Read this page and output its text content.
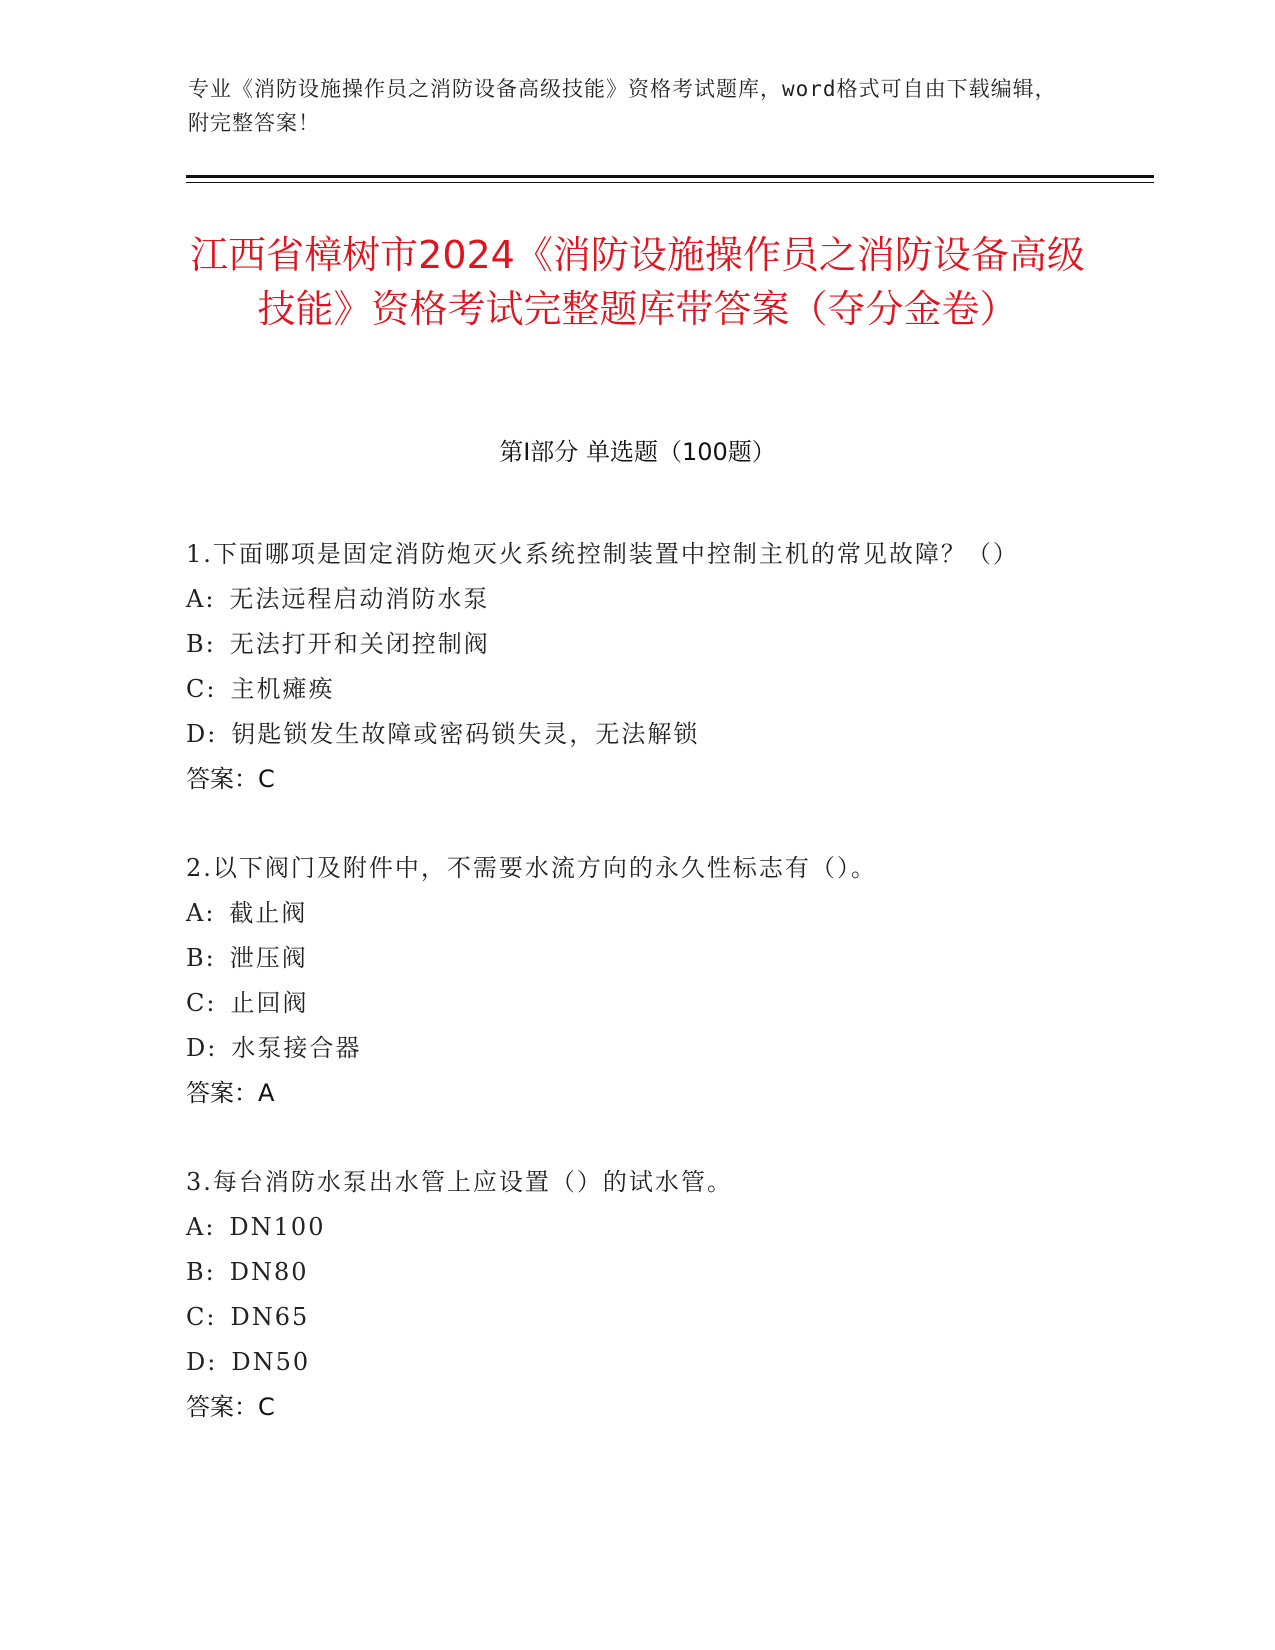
专业《消防设施操作员之消防设备高级技能》资格考试题库，word格式可自由下载编辑，附完整答案！
江西省樟树市2024《消防设施操作员之消防设备高级技能》资格考试完整题库带答案（夺分金卷）
第I部分 单选题（100题）
1.下面哪项是固定消防炮灭火系统控制装置中控制主机的常见故障？（）
A: 无法远程启动消防水泵
B: 无法打开和关闭控制阀
C: 主机瘫痪
D: 钥匙锁发生故障或密码锁失灵，无法解锁
答案：C
2.以下阀门及附件中，不需要水流方向的永久性标志有（）。
A: 截止阀
B: 泄压阀
C: 止回阀
D: 水泵接合器
答案：A
3.每台消防水泵出水管上应设置（）的试水管。
A: DN100
B: DN80
C: DN65
D: DN50
答案：C
